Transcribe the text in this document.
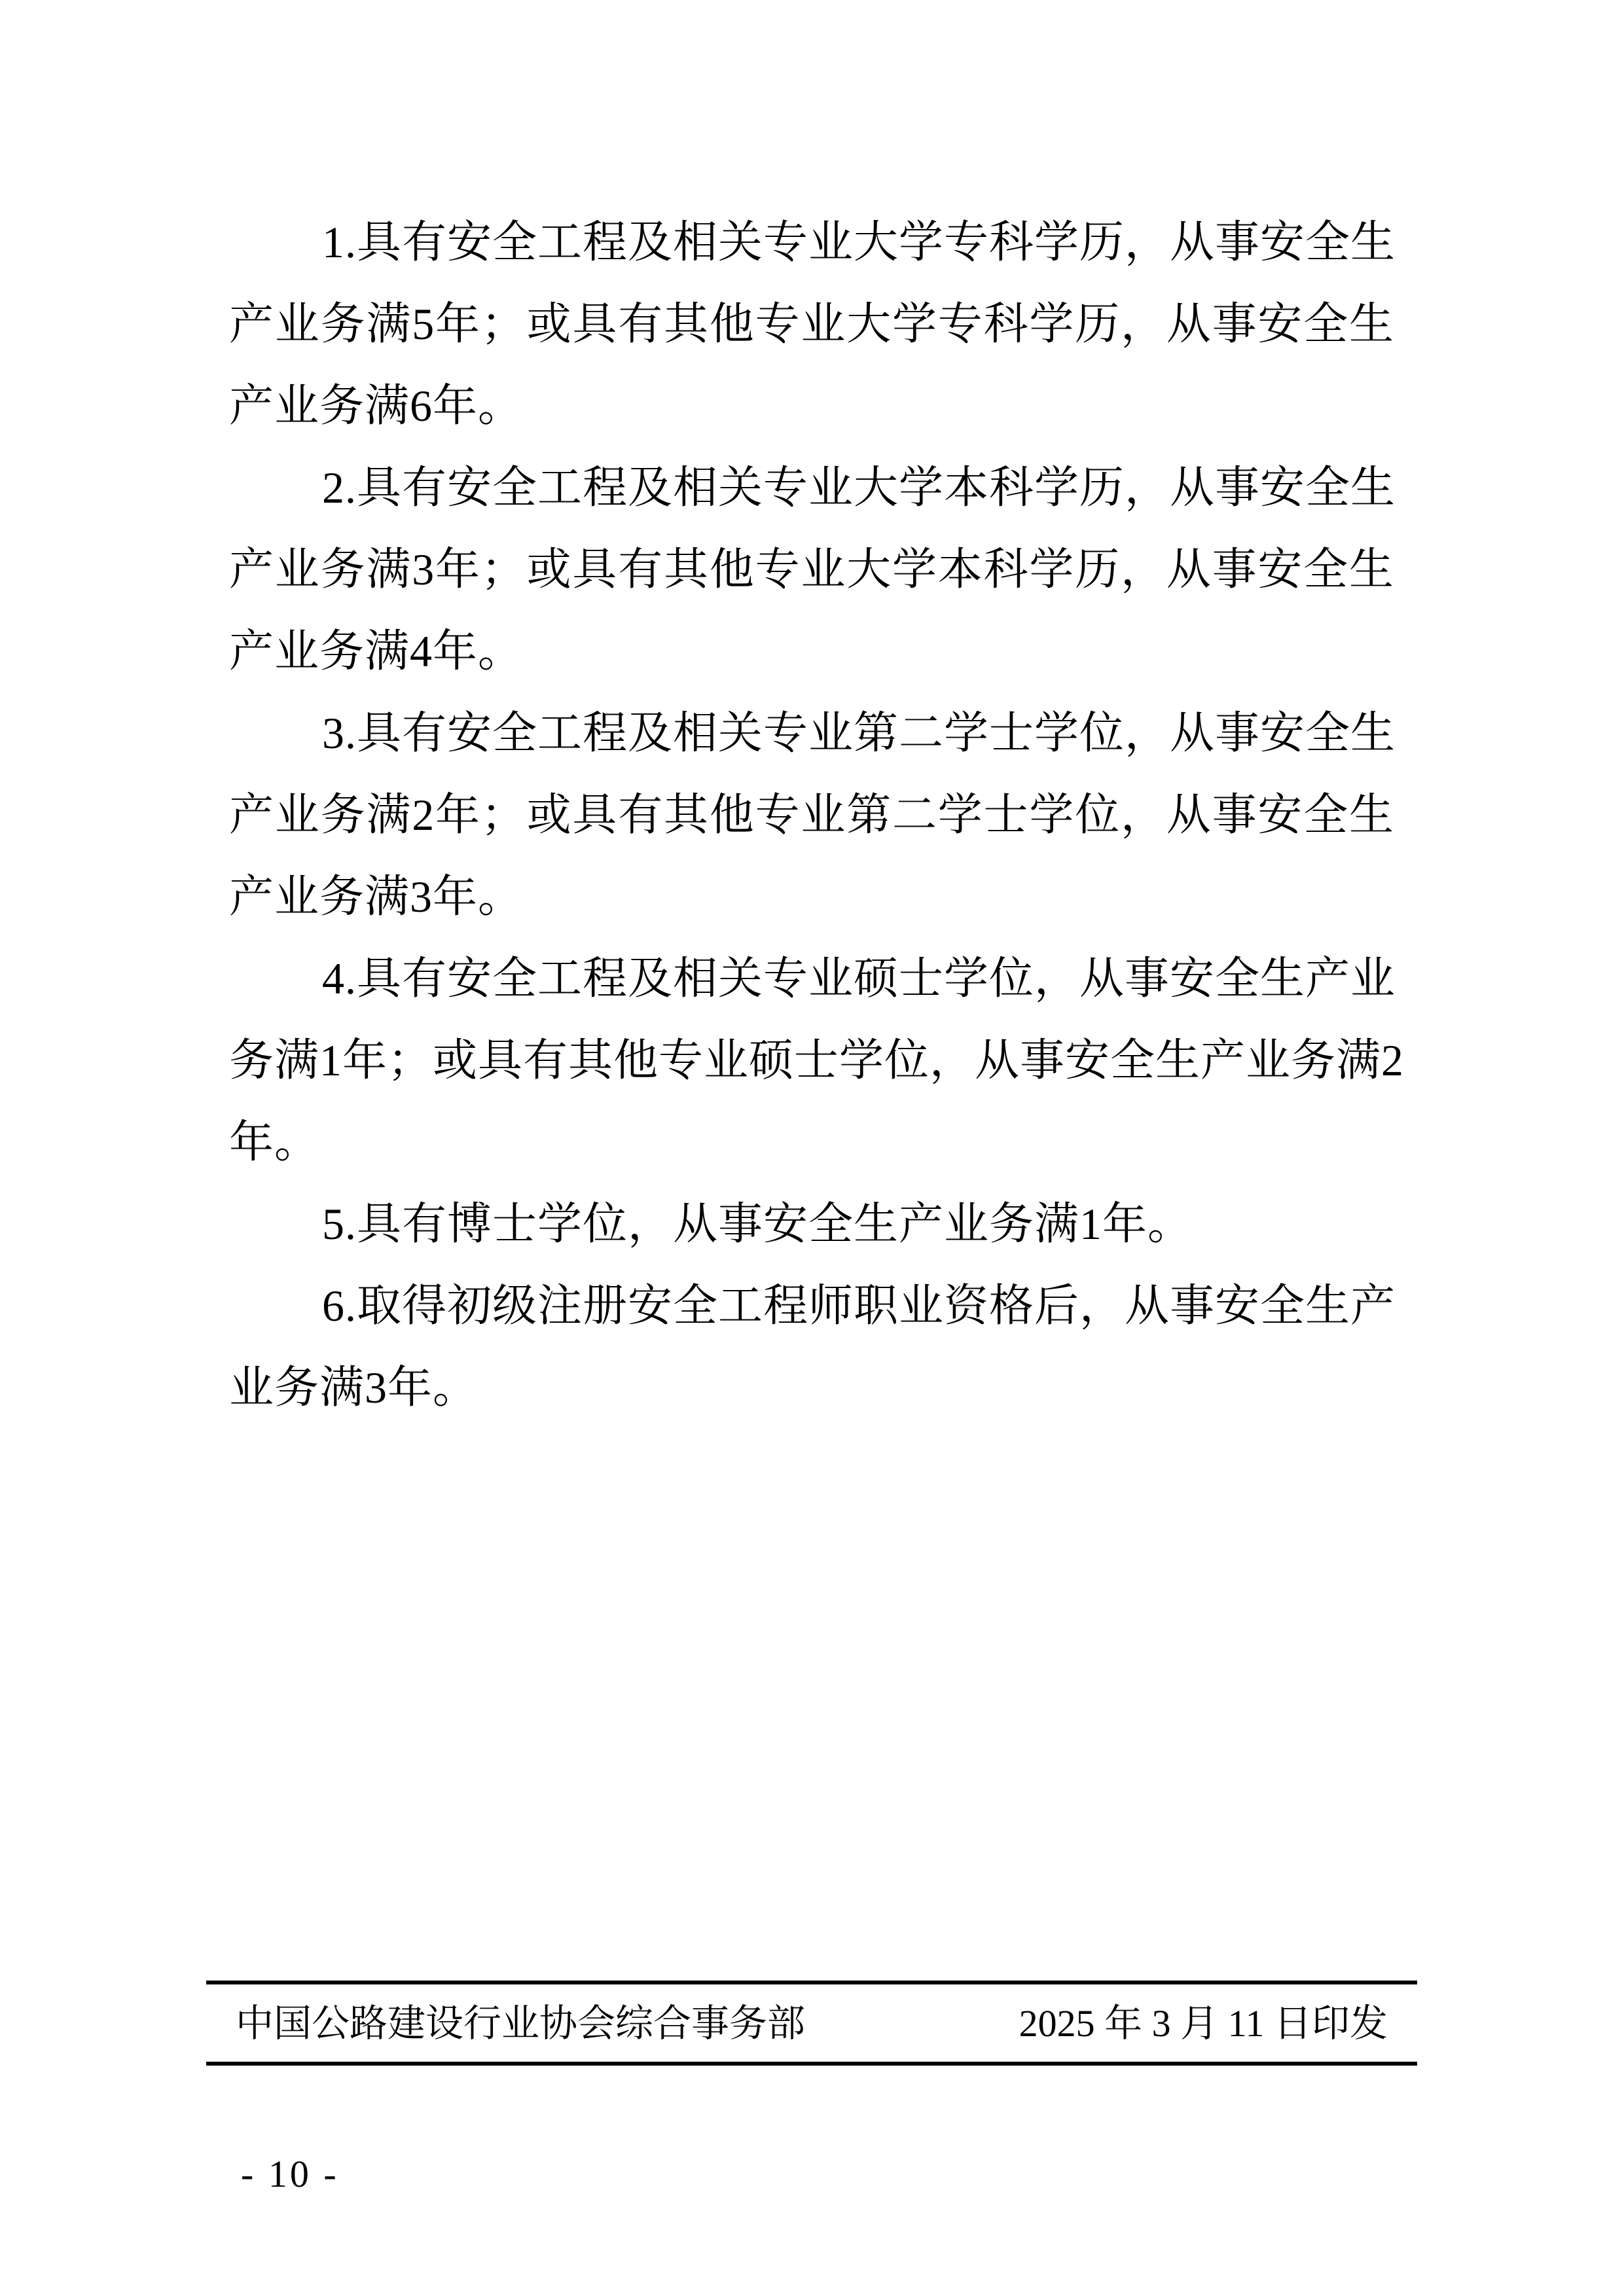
1.具有安全工程及相关专业大学专科学历，从事安全生
产业务满5年；或具有其他专业大学专科学历，从事安全生
产业务满6年。

2.具有安全工程及相关专业大学本科学历，从事安全生
产业务满3年；或具有其他专业大学本科学历，从事安全生
产业务满4年。

3.具有安全工程及相关专业第二学士学位，从事安全生
产业务满2年；或具有其他专业第二学士学位，从事安全生
产业务满3年。

4.具有安全工程及相关专业硕士学位，从事安全生产业
务满1年；或具有其他专业硕士学位，从事安全生产业务满2
年。

5.具有博士学位，从事安全生产业务满1年。

6.取得初级注册安全工程师职业资格后，从事安全生产
业务满3年。

中国公路建设行业协会综合事务部	2025 年 3 月 11 日印发
- 10 -
